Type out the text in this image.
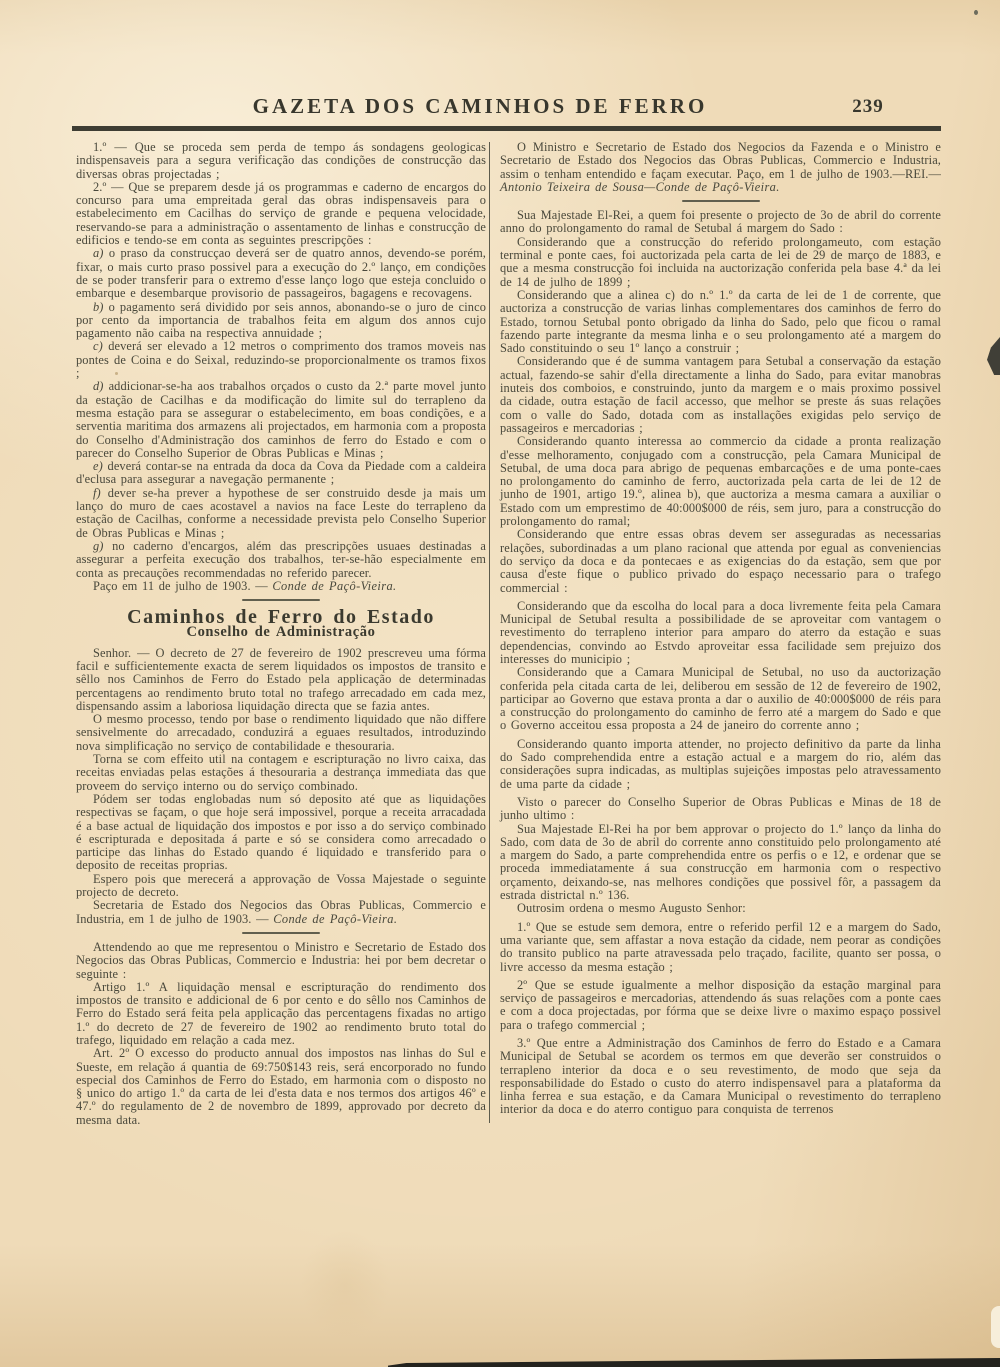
GAZETA DOS CAMINHOS DE FERRO	239

1.º — Que se proceda sem perda de tempo ás sondagens geologicas indispensaveis para a segura verificação das condições de construcção das diversas obras projectadas ;

2.º — Que se preparem desde já os programmas e caderno de encargos do concurso para uma empreitada geral das obras indispensaveis para o estabelecimento em Cacilhas do serviço de grande e pequena velocidade, reservando-se para a administração o assentamento de linhas e construcção de edificios e tendo-se em conta as seguintes prescripções :

a) o praso da construcçao deverá ser de quatro annos, devendo-se porém, fixar, o mais curto praso possivel para a execução do 2.º lanço, em condições de se poder transferir para o extremo d'esse lanço logo que esteja concluido o embarque e desembarque provisorio de passageiros, bagagens e recovagens.

b) o pagamento será dividido por seis annos, abonando-se o juro de cinco por cento da importancia de trabalhos feita em algum dos annos cujo pagamento não caiba na respectiva annuidade ;

c) deverá ser elevado a 12 metros o comprimento dos tramos moveis nas pontes de Coina e do Seixal, reduzindo-se proporcionalmente os tramos fixos ;

d) addicionar-se-ha aos trabalhos orçados o custo da 2.ª parte movel junto da estação de Cacilhas e da modificação do limite sul do terrapleno da mesma estação para se assegurar o estabelecimento, em boas condições, e a serventia maritima dos armazens ali projectados, em harmonia com a proposta do Conselho d'Administração dos caminhos de ferro do Estado e com o parecer do Conselho Superior de Obras Publicas e Minas ;

e) deverá contar-se na entrada da doca da Cova da Piedade com a caldeira d'eclusa para assegurar a navegação permanente ;

f) dever se-ha prever a hypothese de ser construido desde ja mais um lanço do muro de caes acostavel a navios na face Leste do terrapleno da estação de Cacilhas, conforme a necessidade prevista pelo Conselho Superior de Obras Publicas e Minas ;

g) no caderno d'encargos, além das prescripções usuaes destinadas a assegurar a perfeita execução dos trabalhos, ter-se-hão especialmente em conta as precauções recommendadas no referido parecer.

Paço em 11 de julho de 1903. — Conde de Paçô-Vieira.

Caminhos de Ferro do Estado
Conselho de Administração

Senhor. — O decreto de 27 de fevereiro de 1902 prescreveu uma fórma facil e sufficientemente exacta de serem liquidados os impostos de transito e sêllo nos Caminhos de Ferro do Estado pela applicação de determinadas percentagens ao rendimento bruto total no trafego arrecadado em cada mez, dispensando assim a laboriosa liquidação directa que se fazia antes.

O mesmo processo, tendo por base o rendimento liquidado que não differe sensivelmente do arrecadado, conduzirá a eguaes resultados, introduzindo nova simplificação no serviço de contabilidade e thesouraria.

Torna se com effeito util na contagem e escripturação no livro caixa, das receitas enviadas pelas estações á thesouraria a destrança immediata das que proveem do serviço interno ou do serviço combinado.

Pódem ser todas englobadas num só deposito até que as liquidações respectivas se façam, o que hoje será impossivel, porque a receita arracadada é a base actual de liquidação dos impostos e por isso a do serviço combinado é escripturada e depositada á parte e só se considera como arrecadado o participe das linhas do Estado quando é liquidado e transferido para o deposito de receitas proprias.

Espero pois que merecerá a approvação de Vossa Majestade o seguinte projecto de decreto.

Secretaria de Estado dos Negocios das Obras Publicas, Commercio e Industria, em 1 de julho de 1903. — Conde de Paçô-Vieira.

Attendendo ao que me representou o Ministro e Secretario de Estado dos Negocios das Obras Publicas, Commercio e Industria: hei por bem decretar o seguinte :

Artigo 1.º A liquidação mensal e escripturação do rendimento dos impostos de transito e addicional de 6 por cento e do sêllo nos Caminhos de Ferro do Estado será feita pela applicação das percentagens fixadas no artigo 1.º do decreto de 27 de fevereiro de 1902 ao rendimento bruto total do trafego, liquidado em relação a cada mez.

Art. 2º O excesso do producto annual dos impostos nas linhas do Sul e Sueste, em relação á quantia de 69:750$143 reis, será encorporado no fundo especial dos Caminhos de Ferro do Estado, em harmonia com o disposto no § unico do artigo 1.º da carta de lei d'esta data e nos termos dos artigos 46º e 47.º do regulamento de 2 de novembro de 1899, approvado por decreto da mesma data.

O Ministro e Secretario de Estado dos Negocios da Fazenda e o Ministro e Secretario de Estado dos Negocios das Obras Publicas, Commercio e Industria, assim o tenham entendido e façam executar. Paço, em 1 de julho de 1903.—REI.—Antonio Teixeira de Sousa—Conde de Paçô-Vieira.

Sua Majestade El-Rei, a quem foi presente o projecto de 3o de abril do corrente anno do prolongamento do ramal de Setubal á margem do Sado :

Considerando que a construcção do referido prolongameuto, com estação terminal e ponte caes, foi auctorizada pela carta de lei de 29 de março de 1883, e que a mesma construcção foi incluida na auctorização conferida pela base 4.ª da lei de 14 de julho de 1899 ;

Considerando que a alinea c) do n.º 1.º da carta de lei de 1 de corrente, que auctoriza a construcção de varias linhas complementares dos caminhos de ferro do Estado, tornou Setubal ponto obrigado da linha do Sado, pelo que ficou o ramal fazendo parte integrante da mesma linha e o seu prolongamento até a margem do Sado constituindo o seu 1º lanço a construir ;

Considerando que é de summa vantagem para Setubal a conservação da estação actual, fazendo-se sahir d'ella directamente a linha do Sado, para evitar manobras inuteis dos comboios, e construindo, junto da margem e o mais proximo possivel da cidade, outra estação de facil accesso, que melhor se preste ás suas relações com o valle do Sado, dotada com as installações exigidas pelo serviço de passageiros e mercadorias ;

Considerando quanto interessa ao commercio da cidade a pronta realização d'esse melhoramento, conjugado com a construcção, pela Camara Municipal de Setubal, de uma doca para abrigo de pequenas embarcações e de uma ponte-caes no prolongamento do caminho de ferro, auctorizada pela carta de lei de 12 de junho de 1901, artigo 19.º, alinea b), que auctoriza a mesma camara a auxiliar o Estado com um emprestimo de 40:000$000 de réis, sem juro, para a construcção do prolongamento do ramal;

Considerando que entre essas obras devem ser asseguradas as necessarias relações, subordinadas a um plano racional que attenda por egual as conveniencias do serviço da doca e da pontecaes e as exigencias do da estação, sem que por causa d'este fique o publico privado do espaço necessario para o trafego commercial :

Considerando que da escolha do local para a doca livremente feita pela Camara Municipal de Setubal resulta a possibilidade de se aproveitar com vantagem o revestimento do terrapleno interior para amparo do aterro da estação e suas dependencias, convindo ao Estvdo aproveitar essa facilidade sem prejuizo dos interesses do municipio ;

Considerando que a Camara Municipal de Setubal, no uso da auctorização conferida pela citada carta de lei, deliberou em sessão de 12 de fevereiro de 1902, participar ao Governo que estava pronta a dar o auxilio de 40:000$000 de réis para a construcção do prolongamento do caminho de ferro até a margem do Sado e que o Governo acceitou essa proposta a 24 de janeiro do corrente anno ;

Considerando quanto importa attender, no projecto definitivo da parte da linha do Sado comprehendida entre a estação actual e a margem do rio, além das considerações supra indicadas, as multiplas sujeições impostas pelo atravessamento de uma parte da cidade ;

Visto o parecer do Conselho Superior de Obras Publicas e Minas de 18 de junho ultimo :

Sua Majestade El-Rei ha por bem approvar o projecto do 1.º lanço da linha do Sado, com data de 3o de abril do corrente anno constituido pelo prolongamento até a margem do Sado, a parte comprehendida entre os perfis o e 12, e ordenar que se proceda immediatamente á sua construcção em harmonia com o respectivo orçamento, deixando-se, nas melhores condições que possivel fôr, a passagem da estrada districtal n.º 136.

Outrosim ordena o mesmo Augusto Senhor:

1.º Que se estude sem demora, entre o referido perfil 12 e a margem do Sado, uma variante que, sem affastar a nova estação da cidade, nem peorar as condições do transito publico na parte atravessada pelo traçado, facilite, quanto ser possa, o livre accesso da mesma estação ;

2º Que se estude igualmente a melhor disposição da estação marginal para serviço de passageiros e mercadorias, attendendo ás suas relações com a ponte caes e com a doca projectadas, por fórma que se deixe livre o maximo espaço possivel para o trafego commercial ;

3.º Que entre a Administração dos Caminhos de ferro do Estado e a Camara Municipal de Setubal se acordem os termos em que deverão ser construidos o terrapleno interior da doca e o seu revestimento, de modo que seja da responsabilidade do Estado o custo do aterro indispensavel para a plataforma da linha ferrea e sua estação, e da Camara Municipal o revestimento do terrapleno interior da doca e do aterro contiguo para conquista de terrenos
